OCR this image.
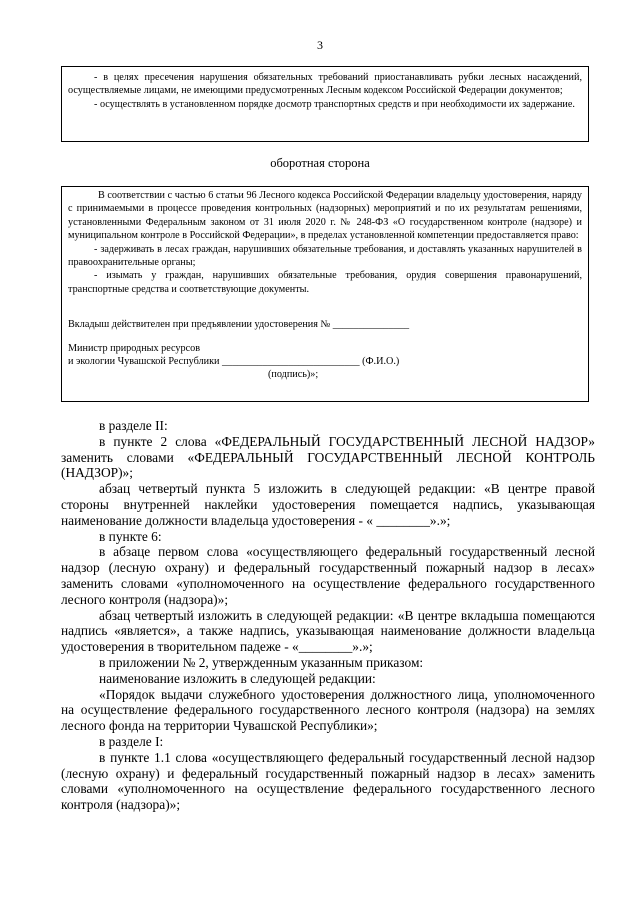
3

- в целях пресечения нарушения обязательных требований приостанавливать рубки лесных насаждений, осуществляемые лицами, не имеющими предусмотренных Лесным кодексом Российской Федерации документов;

- осуществлять в установленном порядке досмотр транспортных средств и при необходимости их задержание.

оборотная сторона

В соответствии с частью 6 статьи 96 Лесного кодекса Российской Федерации владельцу удостоверения, наряду с принимаемыми в процессе проведения контрольных (надзорных) мероприятий и по их результатам решениями, установленными Федеральным законом от 31 июля 2020 г. № 248-ФЗ «О государственном контроле (надзоре) и муниципальном контроле в Российской Федерации», в пределах установленной компетенции предоставляется право:

- задерживать в лесах граждан, нарушивших обязательные требования, и доставлять указанных нарушителей в правоохранительные органы;

- изымать у граждан, нарушивших обязательные требования, орудия совершения правонарушений, транспортные средства и соответствующие документы.

Вкладыш действителен при предъявлении удостоверения № _______________

Министр природных ресурсов

и экологии Чувашской Республики ___________________________ (Ф.И.О.)

(подпись)»;

в разделе II:

в пункте 2 слова «ФЕДЕРАЛЬНЫЙ ГОСУДАРСТВЕННЫЙ ЛЕСНОЙ НАДЗОР» заменить словами «ФЕДЕРАЛЬНЫЙ ГОСУДАРСТВЕННЫЙ ЛЕСНОЙ КОНТРОЛЬ (НАДЗОР)»;

абзац четвертый пункта 5 изложить в следующей редакции: «В центре правой стороны внутренней наклейки удостоверения помещается надпись, указывающая наименование должности владельца удостоверения - « ________».»;

в пункте 6:

в абзаце первом слова «осуществляющего федеральный государственный лесной надзор (лесную охрану) и федеральный государственный пожарный надзор в лесах» заменить словами «уполномоченного на осуществление федерального государственного лесного контроля (надзора)»;

абзац четвертый изложить в следующей редакции: «В центре вкладыша помещаются надпись «является», а также надпись, указывающая наименование должности владельца удостоверения в творительном падеже - «________».»;

в приложении № 2, утвержденным указанным приказом:

наименование изложить в следующей редакции:

«Порядок выдачи служебного удостоверения должностного лица, уполномоченного на осуществление федерального государственного лесного контроля (надзора) на землях лесного фонда на территории Чувашской Республики»;

в разделе I:

в пункте 1.1 слова «осуществляющего федеральный государственный лесной надзор (лесную охрану) и федеральный государственный пожарный надзор в лесах» заменить словами «уполномоченного на осуществление федерального государственного лесного контроля (надзора)»;
